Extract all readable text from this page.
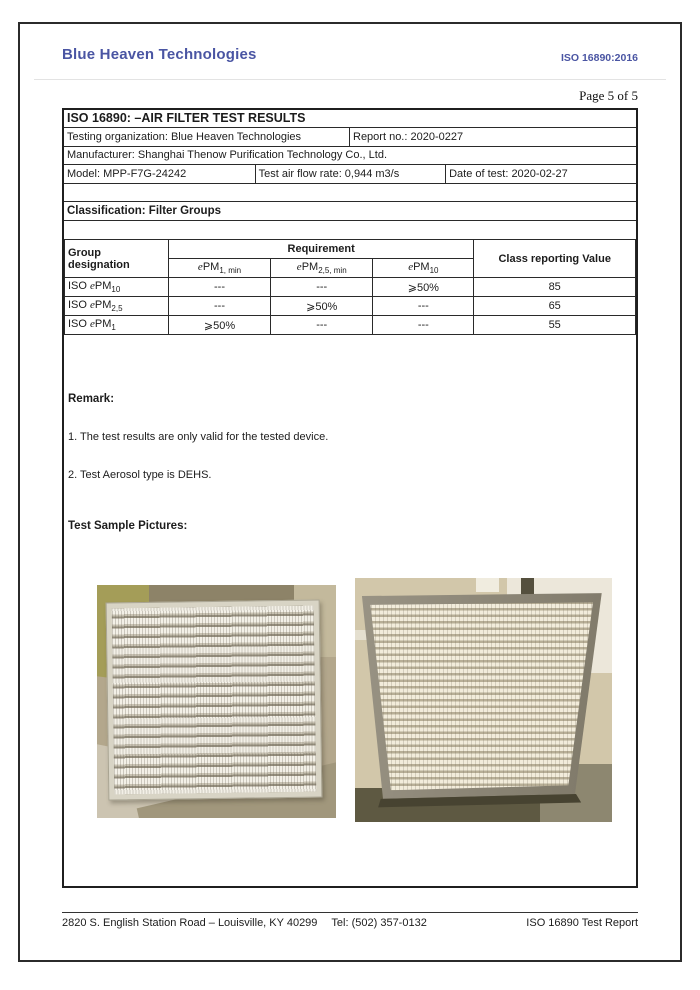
Blue Heaven Technologies	ISO 16890:2016
Page 5 of 5
ISO 16890: –AIR FILTER TEST RESULTS
Testing organization: Blue Heaven Technologies	Report no.: 2020-0227
Manufacturer: Shanghai Thenow Purification Technology Co., Ltd.
Model: MPP-F7G-24242	Test air flow rate: 0,944 m3/s	Date of test: 2020-02-27
Classification: Filter Groups
Group designation	Requirement			Class reporting Value
	ePM$_{1, min}$	ePM$_{2,5, min}$	ePM$_{10}$
ISO ePM$_{10}$	---	---	⩾50%	85
ISO ePM$_{2,5}$	---	⩾50%	---	65
ISO ePM$_1$	⩾50%	---	---	55
Remark:
1. The test results are only valid for the tested device.
2. Test Aerosol type is DEHS.
Test Sample Pictures:
2820 S. English Station Road – Louisville, KY 40299 Tel: (502) 357-0132	ISO 16890 Test Report
